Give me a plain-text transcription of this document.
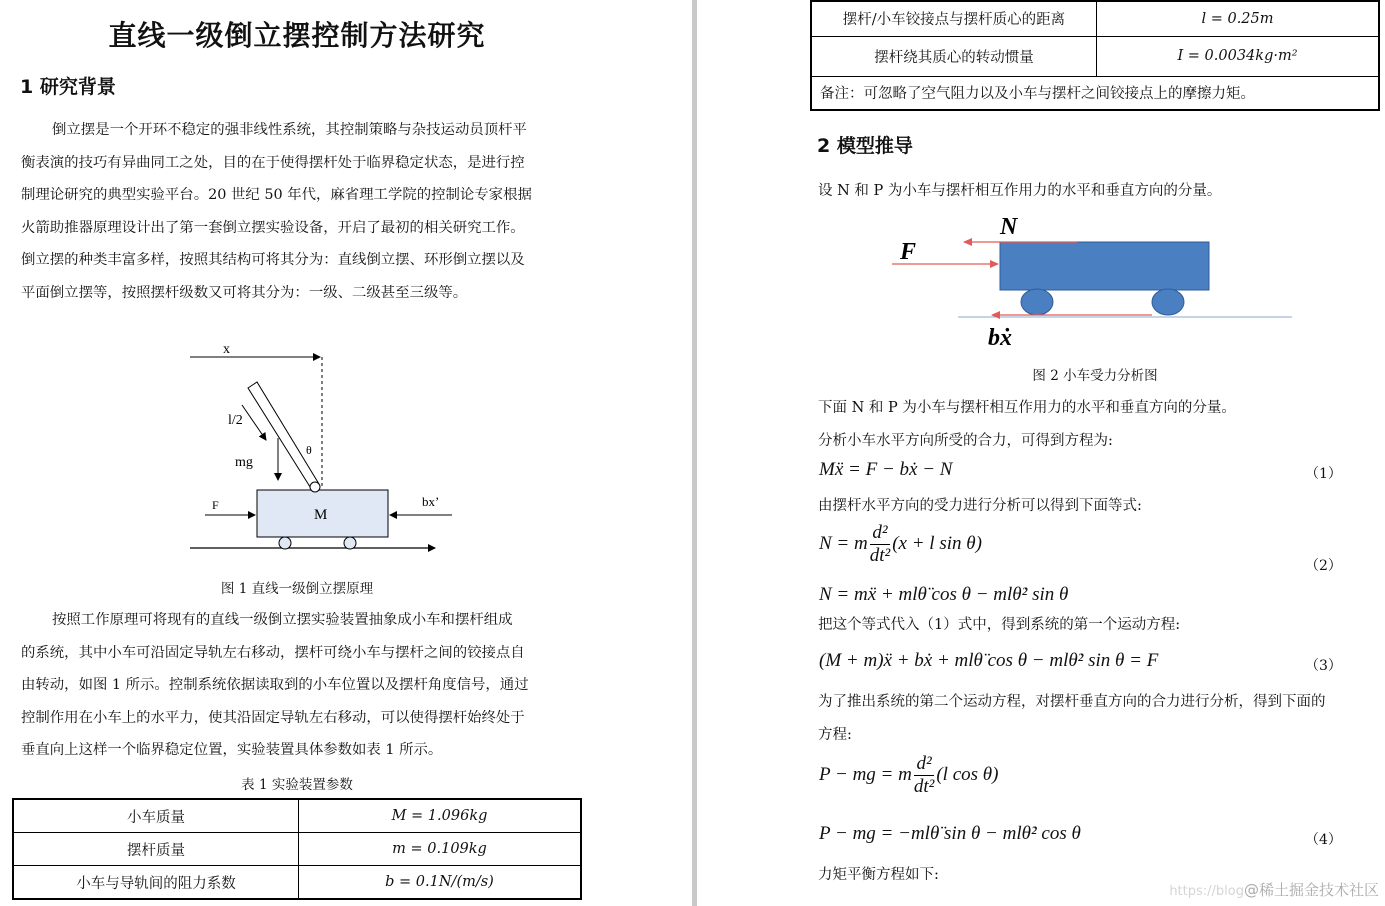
直线一级倒立摆控制方法研究
1 研究背景

倒立摆是一个开环不稳定的强非线性系统，其控制策略与杂技运动员顶杆平

衡表演的技巧有异曲同工之处，目的在于使得摆杆处于临界稳定状态，是进行控

制理论研究的典型实验平台。20 世纪 50 年代，麻省理工学院的控制论专家根据

火箭助推器原理设计出了第一套倒立摆实验设备，开启了最初的相关研究工作。

倒立摆的种类丰富多样，按照其结构可将其分为：直线倒立摆、环形倒立摆以及

平面倒立摆等，按照摆杆级数又可将其分为：一级、二级甚至三级等。

x
M
l/2
mg
θ
F	bx’
图 1 直线一级倒立摆原理

按照工作原理可将现有的直线一级倒立摆实验装置抽象成小车和摆杆组成

的系统，其中小车可沿固定导轨左右移动，摆杆可绕小车与摆杆之间的铰接点自

由转动，如图 1 所示。控制系统依据读取到的小车位置以及摆杆角度信号，通过

控制作用在小车上的水平力，使其沿固定导轨左右移动，可以使得摆杆始终处于

垂直向上这样一个临界稳定位置，实验装置具体参数如表 1 所示。

表 1 实验装置参数
小车质量	M = 1.096kg
摆杆质量	m = 0.109kg
小车与导轨间的阻力系数	b = 0.1N/(m/s)
摆杆/小车铰接点与摆杆质心的距离	l = 0.25m
摆杆绕其质心的转动惯量	I = 0.0034kg·m²
备注：可忽略了空气阻力以及小车与摆杆之间铰接点上的摩擦力矩。	
2 模型推导
设 N 和 P 为小车与摆杆相互作用力的水平和垂直方向的分量。
N
F
bẋ
图 2 小车受力分析图
下面 N 和 P 为小车与摆杆相互作用力的水平和垂直方向的分量。
分析小车水平方向所受的合力，可得到方程为:
Mẍ = F − bẋ − N	（1）
由摆杆水平方向的受力进行分析可以得到下面等式:
N = m $\frac{\text{d²}}{\text{dt²}} (x + l$ sin θ)
（2）
N = mẍ + mlθ̈ cos θ − mlθ̇² sin θ
把这个等式代入（1）式中，得到系统的第一个运动方程:
(M + m)ẍ + bẋ + mlθ̈ cos θ − mlθ̇² sin θ = F	（3）
为了推出系统的第二个运动方程，对摆杆垂直方向的合力进行分析，得到下面的
方程:
P − mg = m $\frac{\text{d²}}{\text{dt²}} (l$ cos θ)
P − mg = −mlθ̈ sin θ − mlθ̇² cos θ	（4）
力矩平衡方程如下:
https://blog@稀土掘金技术社区
